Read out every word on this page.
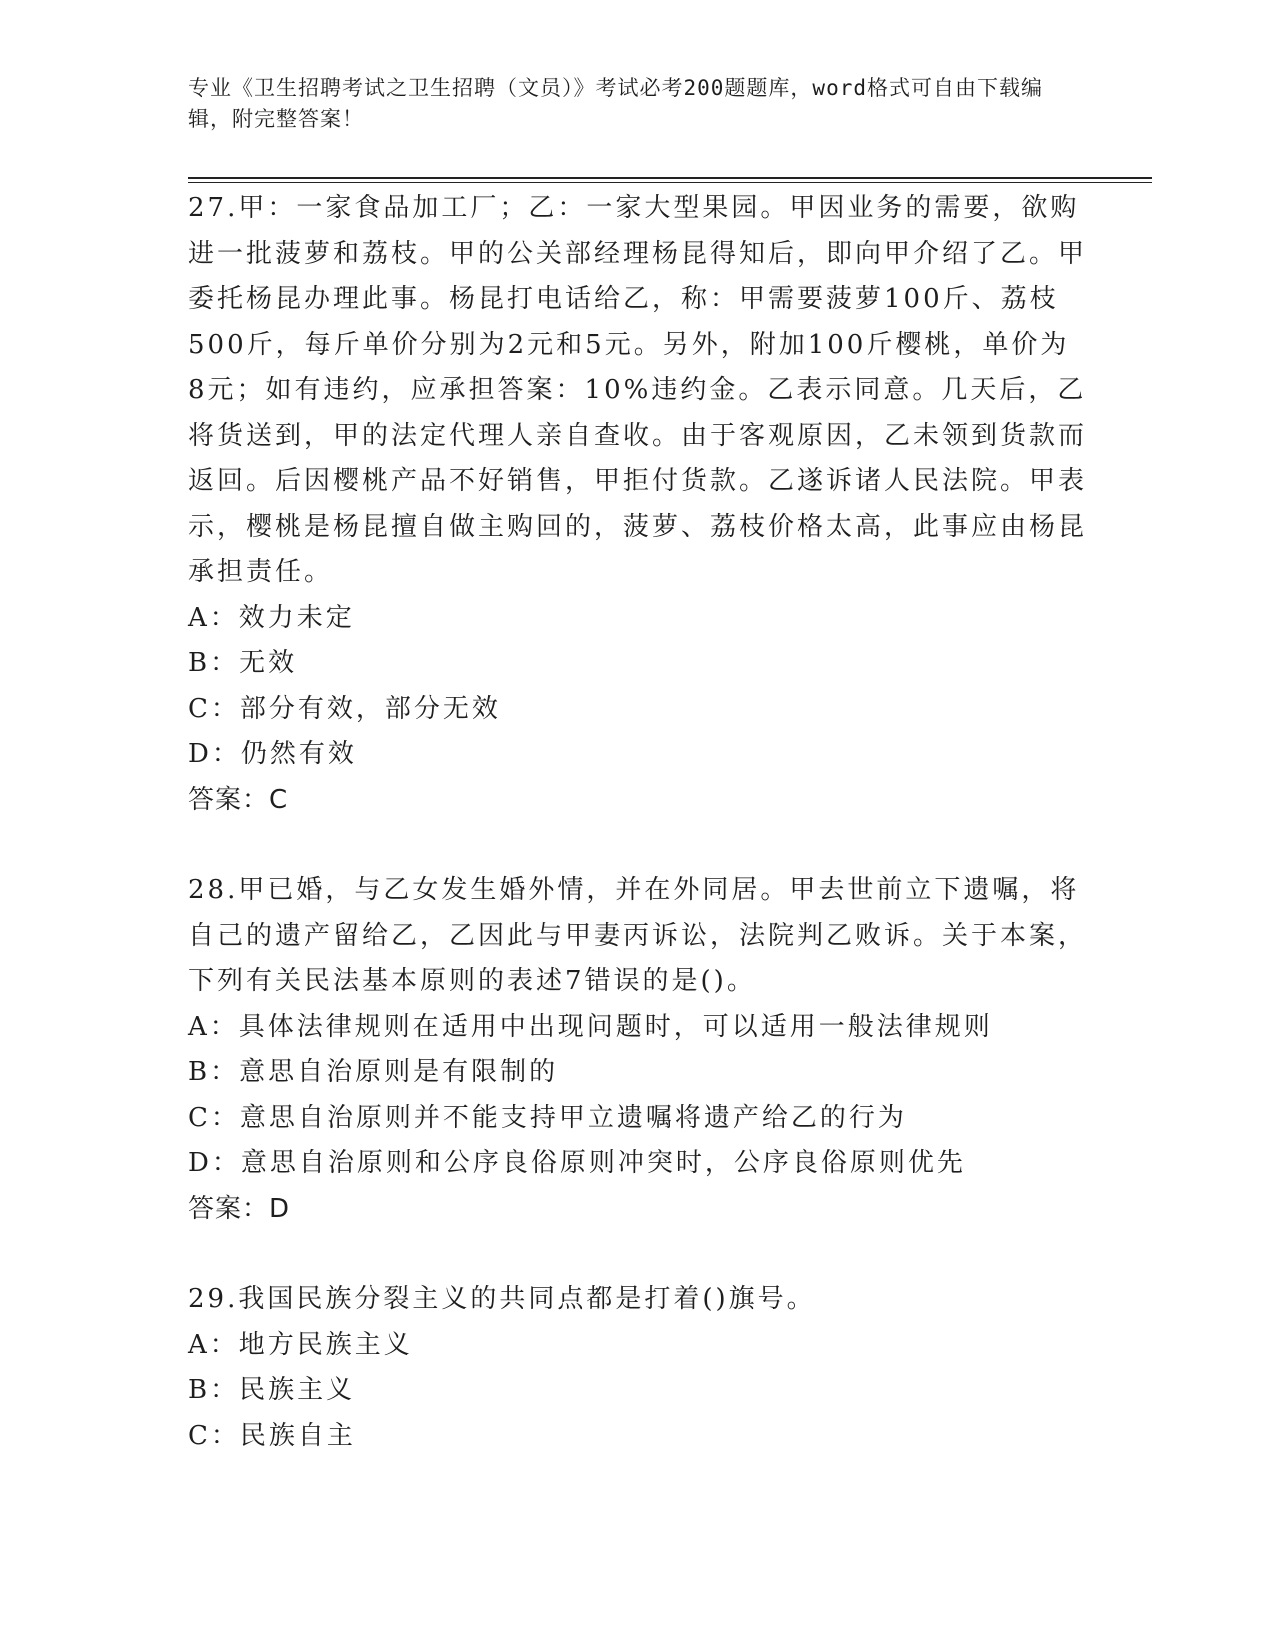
专业《卫生招聘考试之卫生招聘（文员）》考试必考200题题库，word格式可自由下载编辑，附完整答案！

27.甲：一家食品加工厂；乙：一家大型果园。甲因业务的需要，欲购进一批菠萝和荔枝。甲的公关部经理杨昆得知后，即向甲介绍了乙。甲委托杨昆办理此事。杨昆打电话给乙，称：甲需要菠萝100斤、荔枝500斤，每斤单价分别为2元和5元。另外，附加100斤樱桃，单价为8元；如有违约，应承担答案：10%违约金。乙表示同意。几天后，乙将货送到，甲的法定代理人亲自查收。由于客观原因，乙未领到货款而返回。后因樱桃产品不好销售，甲拒付货款。乙遂诉诸人民法院。甲表示，樱桃是杨昆擅自做主购回的，菠萝、荔枝价格太高，此事应由杨昆承担责任。

A：效力未定

B：无效

C：部分有效，部分无效

D：仍然有效

答案：C

28.甲已婚，与乙女发生婚外情，并在外同居。甲去世前立下遗嘱，将自己的遗产留给乙，乙因此与甲妻丙诉讼，法院判乙败诉。关于本案，下列有关民法基本原则的表述7错误的是()。

A：具体法律规则在适用中出现问题时，可以适用一般法律规则

B：意思自治原则是有限制的

C：意思自治原则并不能支持甲立遗嘱将遗产给乙的行为

D：意思自治原则和公序良俗原则冲突时，公序良俗原则优先

答案：D

29.我国民族分裂主义的共同点都是打着()旗号。

A：地方民族主义

B：民族主义

C：民族自主
